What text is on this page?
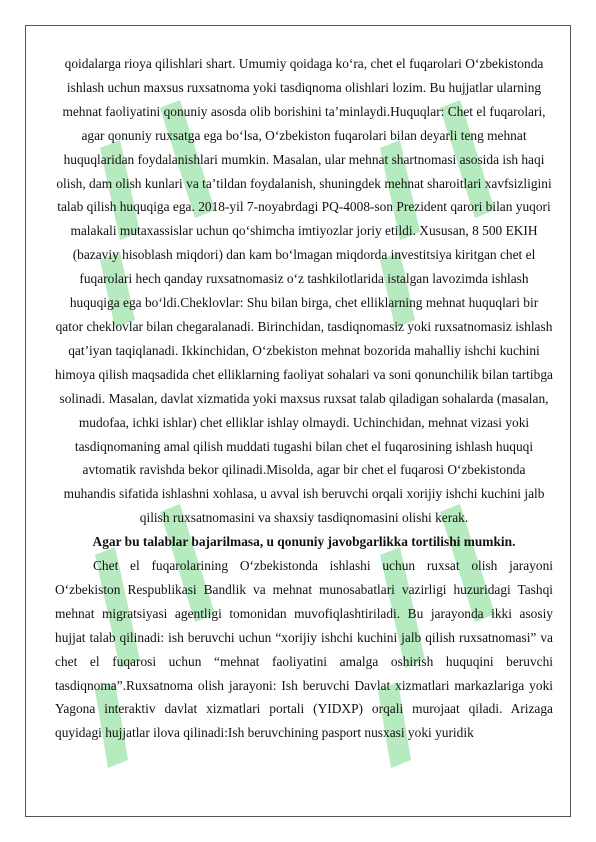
qoidalarga rioya qilishlari shart. Umumiy qoidaga koʻra, chet el fuqarolari Oʻzbekistonda ishlash uchun maxsus ruxsatnoma yoki tasdiqnoma olishlari lozim. Bu hujjatlar ularning mehnat faoliyatini qonuniy asosda olib borishini taʼminlaydi.Huquqlar: Chet el fuqarolari, agar qonuniy ruxsatga ega boʻlsa, Oʻzbekiston fuqarolari bilan deyarli teng mehnat huquqlaridan foydalanishlari mumkin. Masalan, ular mehnat shartnomasi asosida ish haqi olish, dam olish kunlari va taʼtildan foydalanish, shuningdek mehnat sharoitlari xavfsizligini talab qilish huquqiga ega. 2018-yil 7-noyabrdagi PQ-4008-son Prezident qarori bilan yuqori malakali mutaxassislar uchun qoʻshimcha imtiyozlar joriy etildi. Xususan, 8 500 EKIH (bazaviy hisoblash miqdori) dan kam boʻlmagan miqdorda investitsiya kiritgan chet el fuqarolari hech qanday ruxsatnomasiz oʻz tashkilotlarida istalgan lavozimda ishlash huquqiga ega boʻldi.Cheklovlar: Shu bilan birga, chet elliklarning mehnat huquqlari bir qator cheklovlar bilan chegaralanadi. Birinchidan, tasdiqnomasiz yoki ruxsatnomasiz ishlash qatʼiyan taqiqlanadi. Ikkinchidan, Oʻzbekiston mehnat bozorida mahalliy ishchi kuchini himoya qilish maqsadida chet elliklarning faoliyat sohalari va soni qonunchilik bilan tartibga solinadi. Masalan, davlat xizmatida yoki maxsus ruxsat talab qiladigan sohalarda (masalan, mudofaa, ichki ishlar) chet elliklar ishlay olmaydi. Uchinchidan, mehnat vizasi yoki tasdiqnomaning amal qilish muddati tugashi bilan chet el fuqarosining ishlash huquqi avtomatik ravishda bekor qilinadi.Misolda, agar bir chet el fuqarosi Oʻzbekistonda muhandis sifatida ishlashni xohlasa, u avval ish beruvchi orqali xorijiy ishchi kuchini jalb qilish ruxsatnomasini va shaxsiy tasdiqnomasini olishi kerak.

Agar bu talablar bajarilmasa, u qonuniy javobgarlikka tortilishi mumkin.

Chet el fuqarolarining Oʻzbekistonda ishlashi uchun ruxsat olish jarayoni Oʻzbekiston Respublikasi Bandlik va mehnat munosabatlari vazirligi huzuridagi Tashqi mehnat migratsiyasi agentligi tomonidan muvofiqlashtiriladi. Bu jarayonda ikki asosiy hujjat talab qilinadi: ish beruvchi uchun “xorijiy ishchi kuchini jalb qilish ruxsatnomasi” va chet el fuqarosi uchun “mehnat faoliyatini amalga oshirish huquqini beruvchi tasdiqnoma”.Ruxsatnoma olish jarayoni: Ish beruvchi Davlat xizmatlari markazlariga yoki Yagona interaktiv davlat xizmatlari portali (YIDXP) orqali murojaat qiladi. Arizaga quyidagi hujjatlar ilova qilinadi:Ish beruvchining pasport nusxasi yoki yuridik
